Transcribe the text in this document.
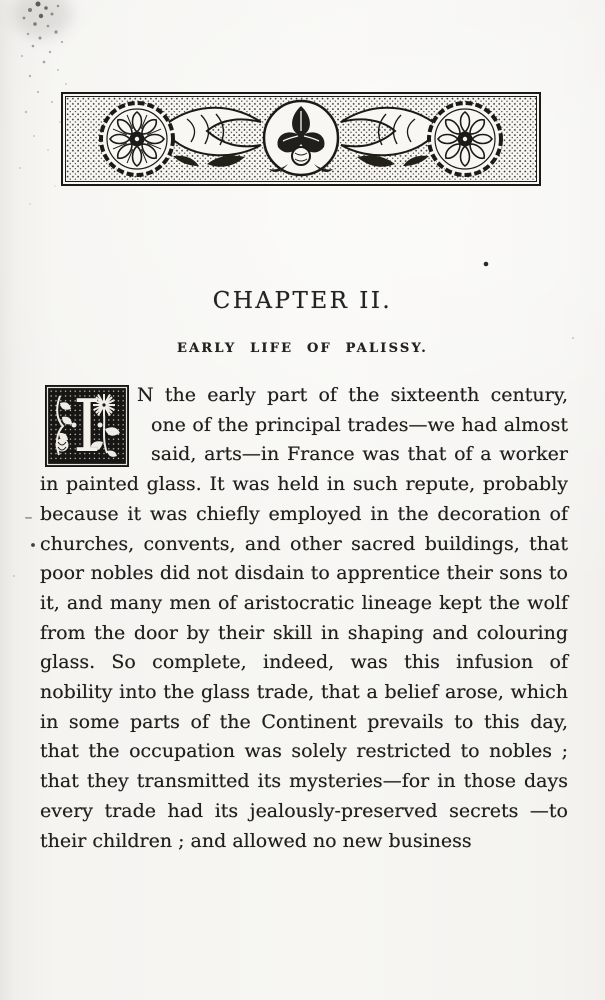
CHAPTER II.
EARLY LIFE OF PALISSY.
I	N the early part of the sixteenth century, one of the principal trades—we had almost said, arts—in France was that of a worker in painted glass. It was held in such repute, probably because it was chiefly employed in the decoration of churches, convents, and other sacred buildings, that poor nobles did not disdain to apprentice their sons to it, and many men of aristocratic lineage kept the wolf from the door by their skill in shaping and colouring glass. So complete, indeed, was this infusion of nobility into the glass trade, that a belief arose, which in some parts of the Continent prevails to this day, that the occupation was solely restricted to nobles ; that they transmitted its mysteries—for in those days every trade had its jealously-preserved secrets —to their children ; and allowed no new business
